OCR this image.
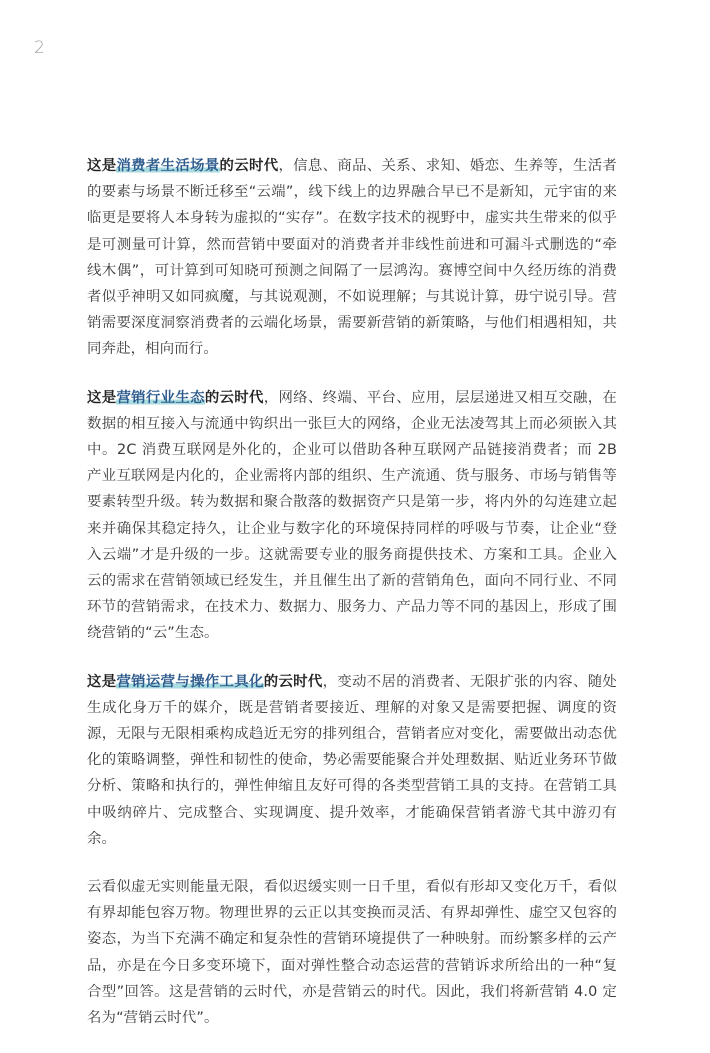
2

这是消费者生活场景的云时代，信息、商品、关系、求知、婚恋、生养等，生活者的要素与场景不断迁移至“云端”，线下线上的边界融合早已不是新知，元宇宙的来临更是要将人本身转为虚拟的“实存”。在数字技术的视野中，虚实共生带来的似乎是可测量可计算，然而营销中要面对的消费者并非线性前进和可漏斗式删选的“牵线木偶”，可计算到可知晓可预测之间隔了一层鸿沟。赛博空间中久经历练的消费者似乎神明又如同疯魔，与其说观测，不如说理解；与其说计算，毋宁说引导。营销需要深度洞察消费者的云端化场景，需要新营销的新策略，与他们相遇相知，共同奔赴，相向而行。

这是营销行业生态的云时代，网络、终端、平台、应用，层层递进又相互交融，在数据的相互接入与流通中钩织出一张巨大的网络，企业无法凌驾其上而必须嵌入其中。2C 消费互联网是外化的，企业可以借助各种互联网产品链接消费者；而 2B 产业互联网是内化的，企业需将内部的组织、生产流通、货与服务、市场与销售等要素转型升级。转为数据和聚合散落的数据资产只是第一步，将内外的勾连建立起来并确保其稳定持久，让企业与数字化的环境保持同样的呼吸与节奏，让企业“登入云端”才是升级的一步。这就需要专业的服务商提供技术、方案和工具。企业入云的需求在营销领域已经发生，并且催生出了新的营销角色，面向不同行业、不同环节的营销需求，在技术力、数据力、服务力、产品力等不同的基因上，形成了围绕营销的“云”生态。

这是营销运营与操作工具化的云时代，变动不居的消费者、无限扩张的内容、随处生成化身万千的媒介，既是营销者要接近、理解的对象又是需要把握、调度的资源，无限与无限相乘构成趋近无穷的排列组合，营销者应对变化，需要做出动态优化的策略调整，弹性和韧性的使命，势必需要能聚合并处理数据、贴近业务环节做分析、策略和执行的，弹性伸缩且友好可得的各类型营销工具的支持。在营销工具中吸纳碎片、完成整合、实现调度、提升效率，才能确保营销者游弋其中游刃有余。

云看似虚无实则能量无限，看似迟缓实则一日千里，看似有形却又变化万千，看似有界却能包容万物。物理世界的云正以其变换而灵活、有界却弹性、虚空又包容的姿态，为当下充满不确定和复杂性的营销环境提供了一种映射。而纷繁多样的云产品，亦是在今日多变环境下，面对弹性整合动态运营的营销诉求所给出的一种“复合型”回答。这是营销的云时代，亦是营销云的时代。因此，我们将新营销 4.0 定名为“营销云时代”。
